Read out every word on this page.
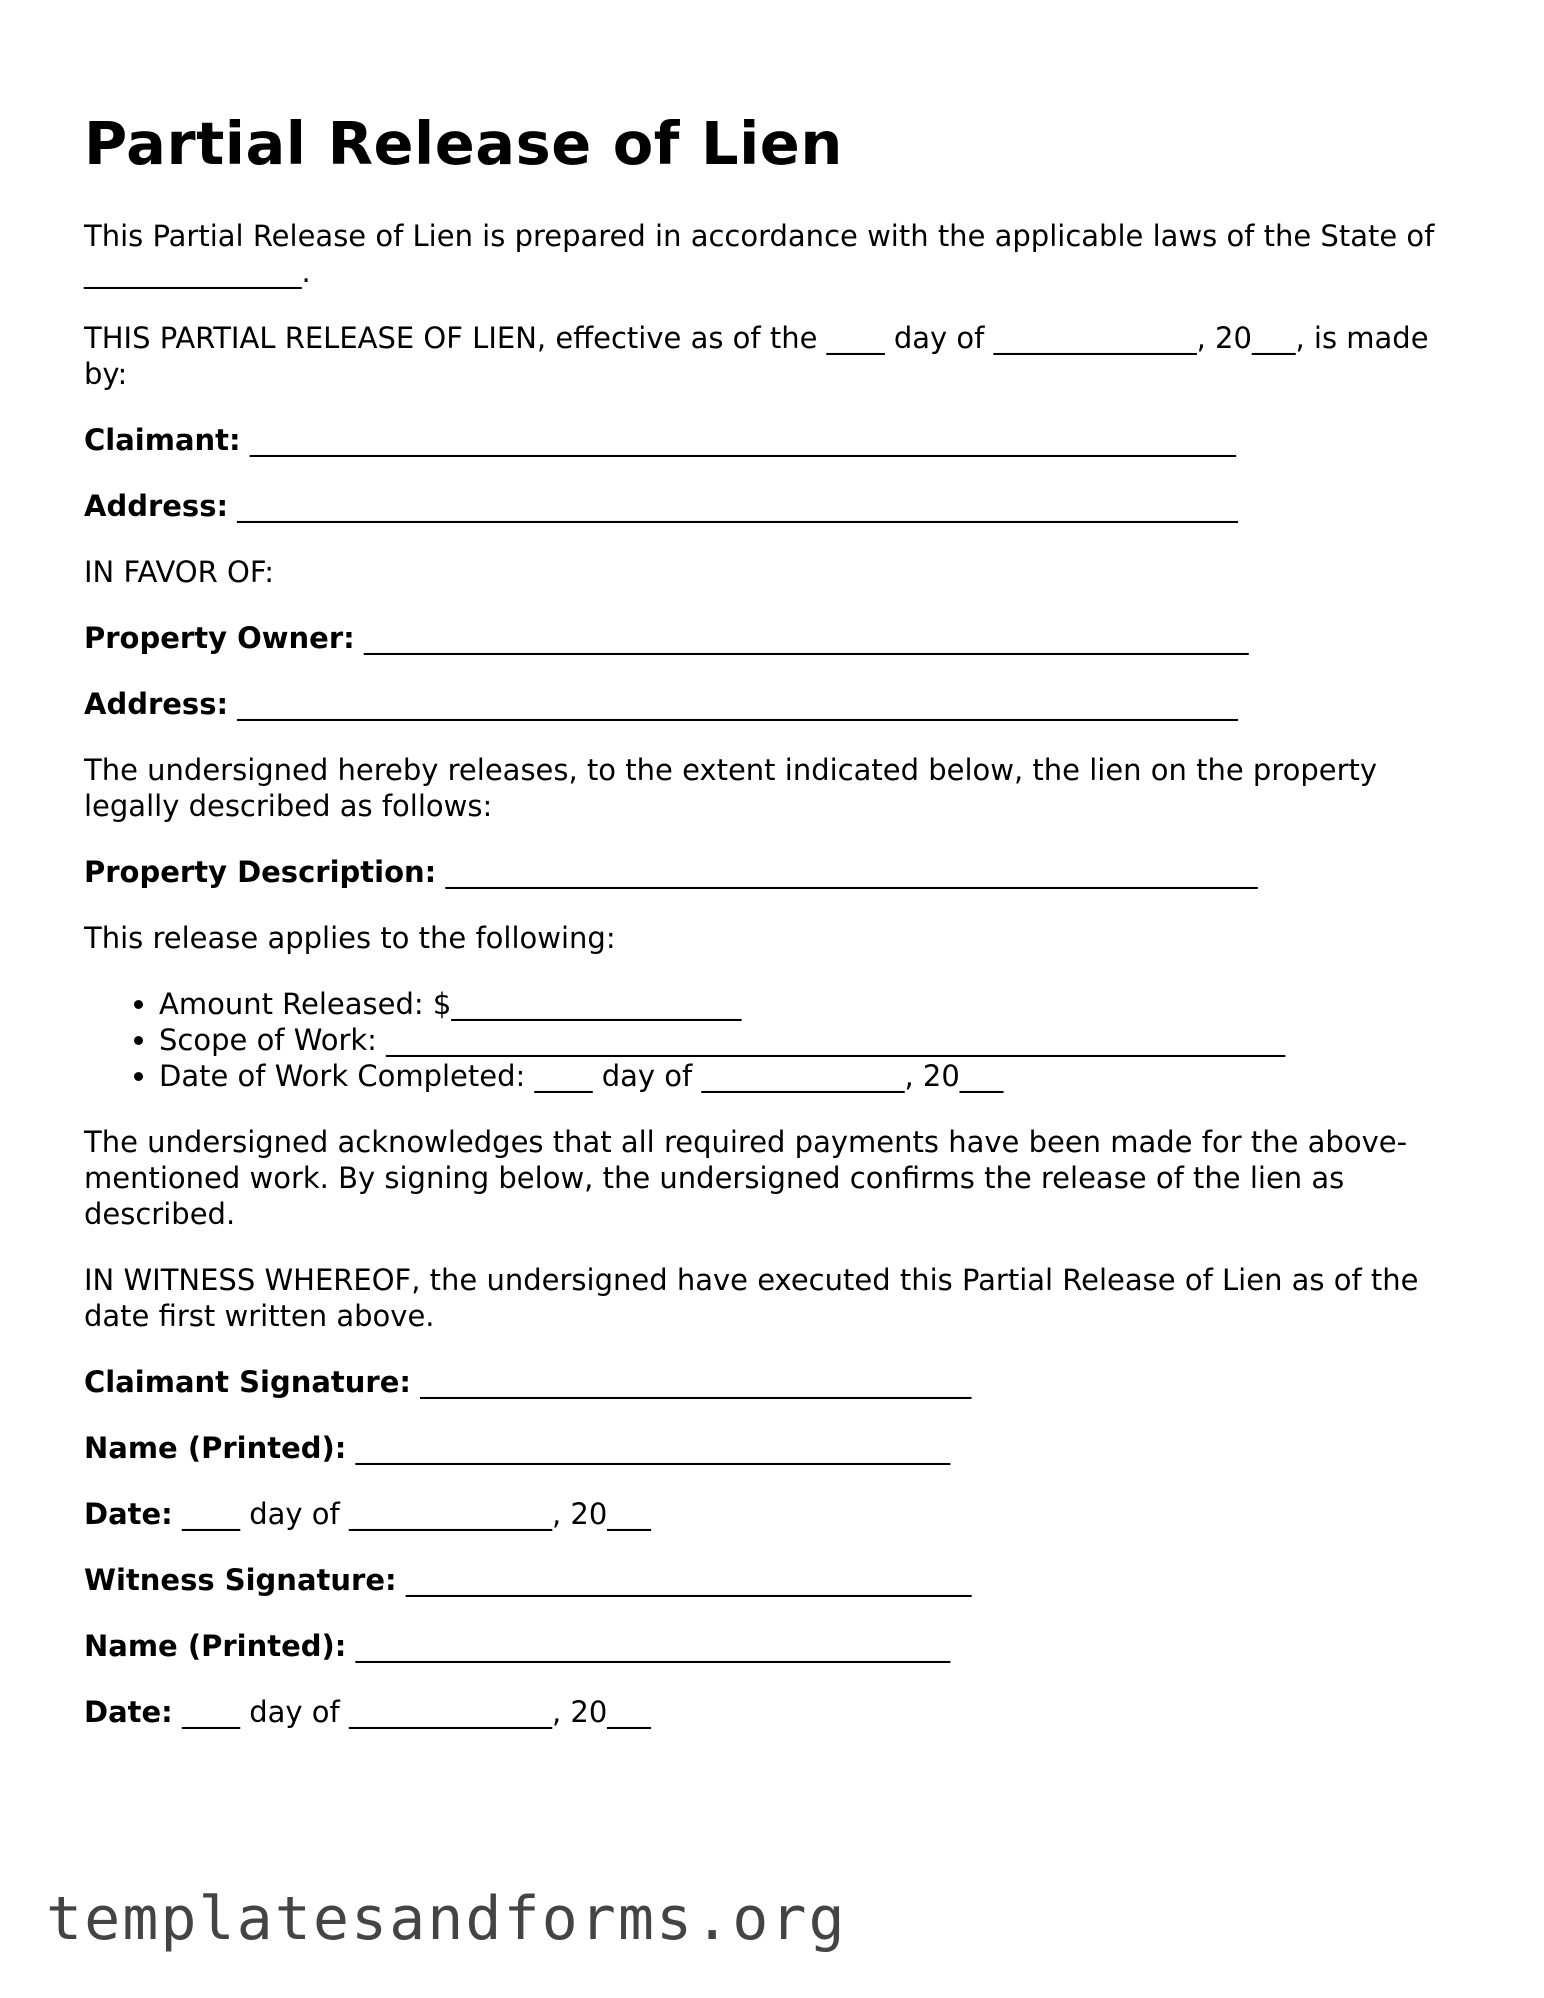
Partial Release of Lien

This Partial Release of Lien is prepared in accordance with the applicable laws of the State of _______________.

THIS PARTIAL RELEASE OF LIEN, effective as of the ____ day of ______________, 20___, is made by:

Claimant: ____________________________________________________________________
Address: _____________________________________________________________________

IN FAVOR OF:

Property Owner: _____________________________________________________________
Address: _____________________________________________________________________

The undersigned hereby releases, to the extent indicated below, the lien on the property legally described as follows:

Property Description: ________________________________________________________

This release applies to the following:

• Amount Released: $____________________
• Scope of Work: ______________________________________________________________
• Date of Work Completed: ____ day of ______________, 20___

The undersigned acknowledges that all required payments have been made for the above-mentioned work. By signing below, the undersigned confirms the release of the lien as described.

IN WITNESS WHEREOF, the undersigned have executed this Partial Release of Lien as of the date first written above.

Claimant Signature: ______________________________________
Name (Printed): _________________________________________
Date: ____ day of ______________, 20___
Witness Signature: _______________________________________
Name (Printed): _________________________________________
Date: ____ day of ______________, 20___
templatesandforms.org
